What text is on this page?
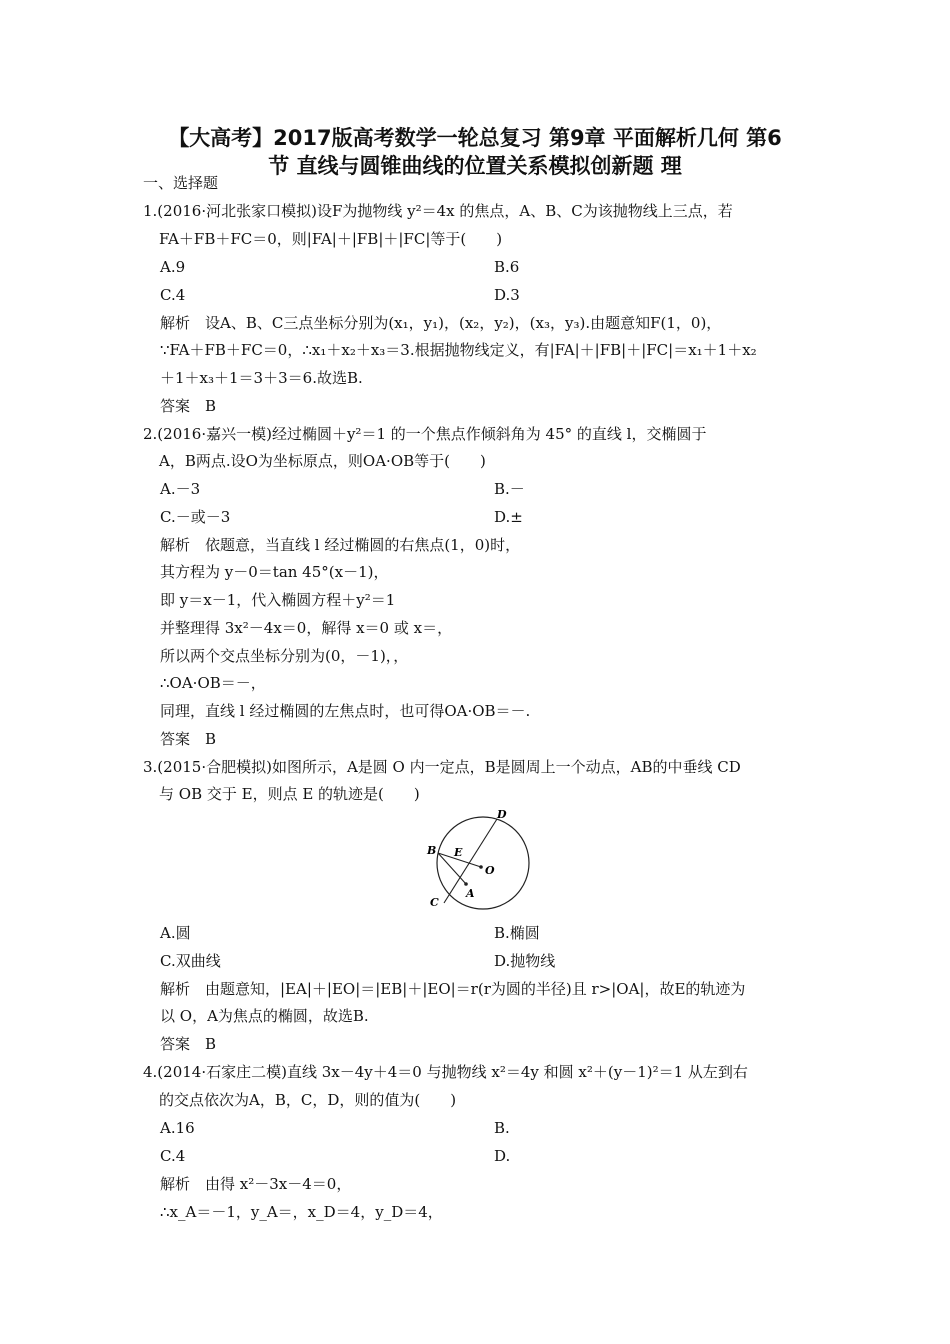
【大高考】2017版高考数学一轮总复习 第9章 平面解析几何 第6
节 直线与圆锥曲线的位置关系模拟创新题 理
一、选择题
1.(2016·河北张家口模拟)设F为抛物线 y²＝4x 的焦点，A、B、C为该抛物线上三点，若
FA＋FB＋FC＝0，则|FA|＋|FB|＋|FC|等于(　　)
A.9	B.6
C.4	D.3
解析　设A、B、C三点坐标分别为(x₁，y₁)，(x₂，y₂)，(x₃，y₃).由题意知F(1，0)，
∵FA＋FB＋FC＝0，∴x₁＋x₂＋x₃＝3.根据抛物线定义，有|FA|＋|FB|＋|FC|＝x₁＋1＋x₂
＋1＋x₃＋1＝3＋3＝6.故选B.
答案　B
2.(2016·嘉兴一模)经过椭圆＋y²＝1 的一个焦点作倾斜角为 45° 的直线 l，交椭圆于
A，B两点.设O为坐标原点，则OA·OB等于(　　)
A.－3	B.－
C.－或－3	D.±
解析　依题意，当直线 l 经过椭圆的右焦点(1，0)时，
其方程为 y－0＝tan 45°(x－1)，
即 y＝x－1，代入椭圆方程＋y²＝1
并整理得 3x²－4x＝0，解得 x＝0 或 x＝，
所以两个交点坐标分别为(0，－1)，，
∴OA·OB＝－，
同理，直线 l 经过椭圆的左焦点时，也可得OA·OB＝－.
答案　B
3.(2015·合肥模拟)如图所示，A是圆 O 内一定点，B是圆周上一个动点，AB的中垂线 CD
与 OB 交于 E，则点 E 的轨迹是(　　)
B E
O
A
C
D
A.圆	B.椭圆
C.双曲线	D.抛物线
解析　由题意知，|EA|＋|EO|＝|EB|＋|EO|＝r(r为圆的半径)且 r>|OA|，故E的轨迹为
以 O，A为焦点的椭圆，故选B.
答案　B
4.(2014·石家庄二模)直线 3x－4y＋4＝0 与抛物线 x²＝4y 和圆 x²＋(y－1)²＝1 从左到右
的交点依次为A，B，C，D，则的值为(　　)
A.16	B.
C.4	D.
解析　由得 x²－3x－4＝0，
∴x_A＝－1，y_A＝，x_D＝4，y_D＝4，
